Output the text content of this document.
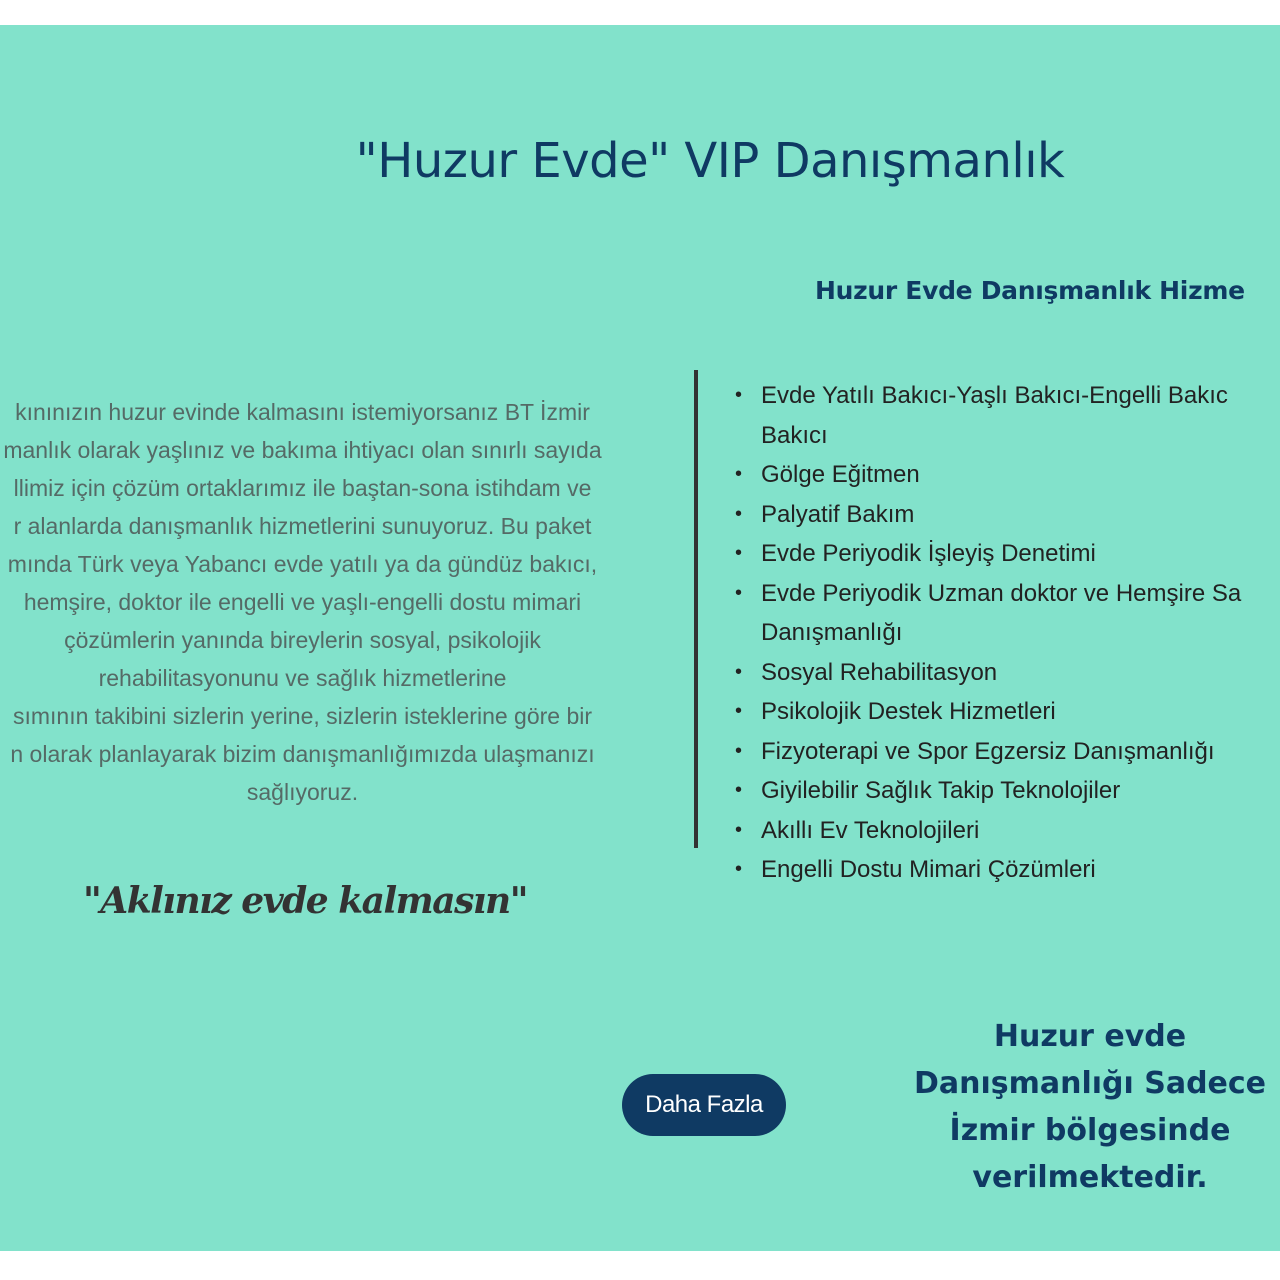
"Huzur Evde" VIP Danışmanlık
Huzur Evde Danışmanlık Hizme

kınınızın huzur evinde kalmasını istemiyorsanız BT İzmir
manlık olarak yaşlınız ve bakıma ihtiyacı olan sınırlı sayıda
llimiz için çözüm ortaklarımız ile baştan-sona istihdam ve
r alanlarda danışmanlık hizmetlerini sunuyoruz. Bu paket
mında Türk veya Yabancı evde yatılı ya da gündüz bakıcı,
hemşire, doktor ile engelli ve yaşlı-engelli dostu mimari
çözümlerin yanında bireylerin sosyal, psikolojik
rehabilitasyonunu ve sağlık hizmetlerine
sımının takibini sizlerin yerine, sizlerin isteklerine göre bir
n olarak planlayarak bizim danışmanlığımızda ulaşmanızı
sağlıyoruz.

"Aklınız evde kalmasın"

• Evde Yatılı Bakıcı-Yaşlı Bakıcı-Engelli Bakıc
Bakıcı
• Gölge Eğitmen
• Palyatif Bakım
• Evde Periyodik İşleyiş Denetimi
• Evde Periyodik Uzman doktor ve Hemşire Sa
Danışmanlığı
• Sosyal Rehabilitasyon
• Psikolojik Destek Hizmetleri
• Fizyoterapi ve Spor Egzersiz Danışmanlığı
• Giyilebilir Sağlık Takip Teknolojiler
• Akıllı Ev Teknolojileri
• Engelli Dostu Mimari Çözümleri
Daha Fazla

Huzur evde
Danışmanlığı Sadece
İzmir bölgesinde
verilmektedir.
